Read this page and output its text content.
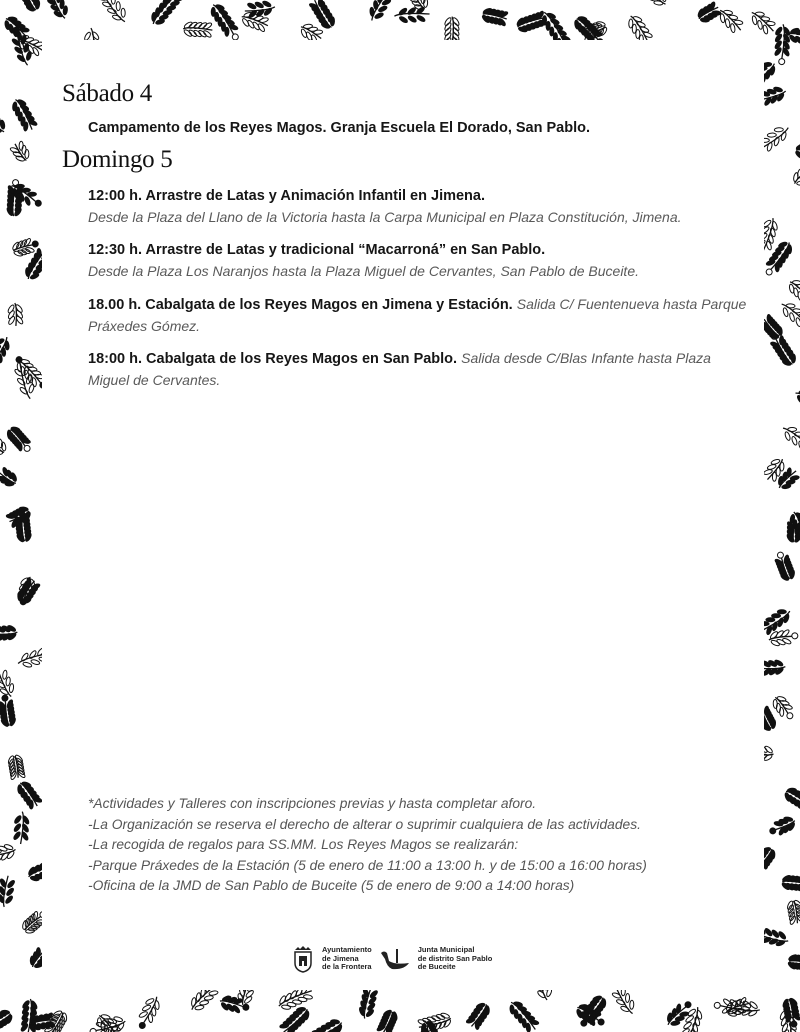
Sábado 4
Campamento de los Reyes Magos. Granja Escuela El Dorado, San Pablo.
Domingo 5
12:00 h. Arrastre de Latas y Animación Infantil en Jimena.
Desde la Plaza del Llano de la Victoria hasta la Carpa Municipal en Plaza Constitución, Jimena.
12:30 h. Arrastre de Latas y tradicional “Macarroná” en San Pablo.
Desde la Plaza Los Naranjos hasta la Plaza Miguel de Cervantes, San Pablo de Buceite.
18.00 h. Cabalgata de los Reyes Magos en Jimena y Estación. Salida C/ Fuentenueva hasta Parque Práxedes Gómez.
18:00 h. Cabalgata de los Reyes Magos en San Pablo. Salida desde C/Blas Infante hasta Plaza Miguel de Cervantes.
*Actividades y Talleres con inscripciones previas y hasta completar aforo.
-La Organización se reserva el derecho de alterar o suprimir cualquiera de las actividades.
-La recogida de regalos para SS.MM. Los Reyes Magos se realizarán:
-Parque Práxedes de la Estación (5 de enero de 11:00 a 13:00 h. y de 15:00 a 16:00 horas)
-Oficina de la JMD de San Pablo de Buceite (5 de enero de 9:00 a 14:00 horas)
Ayuntamiento
de Jimena
de la Frontera
Junta Municipal
de distrito San Pablo
de Buceite
